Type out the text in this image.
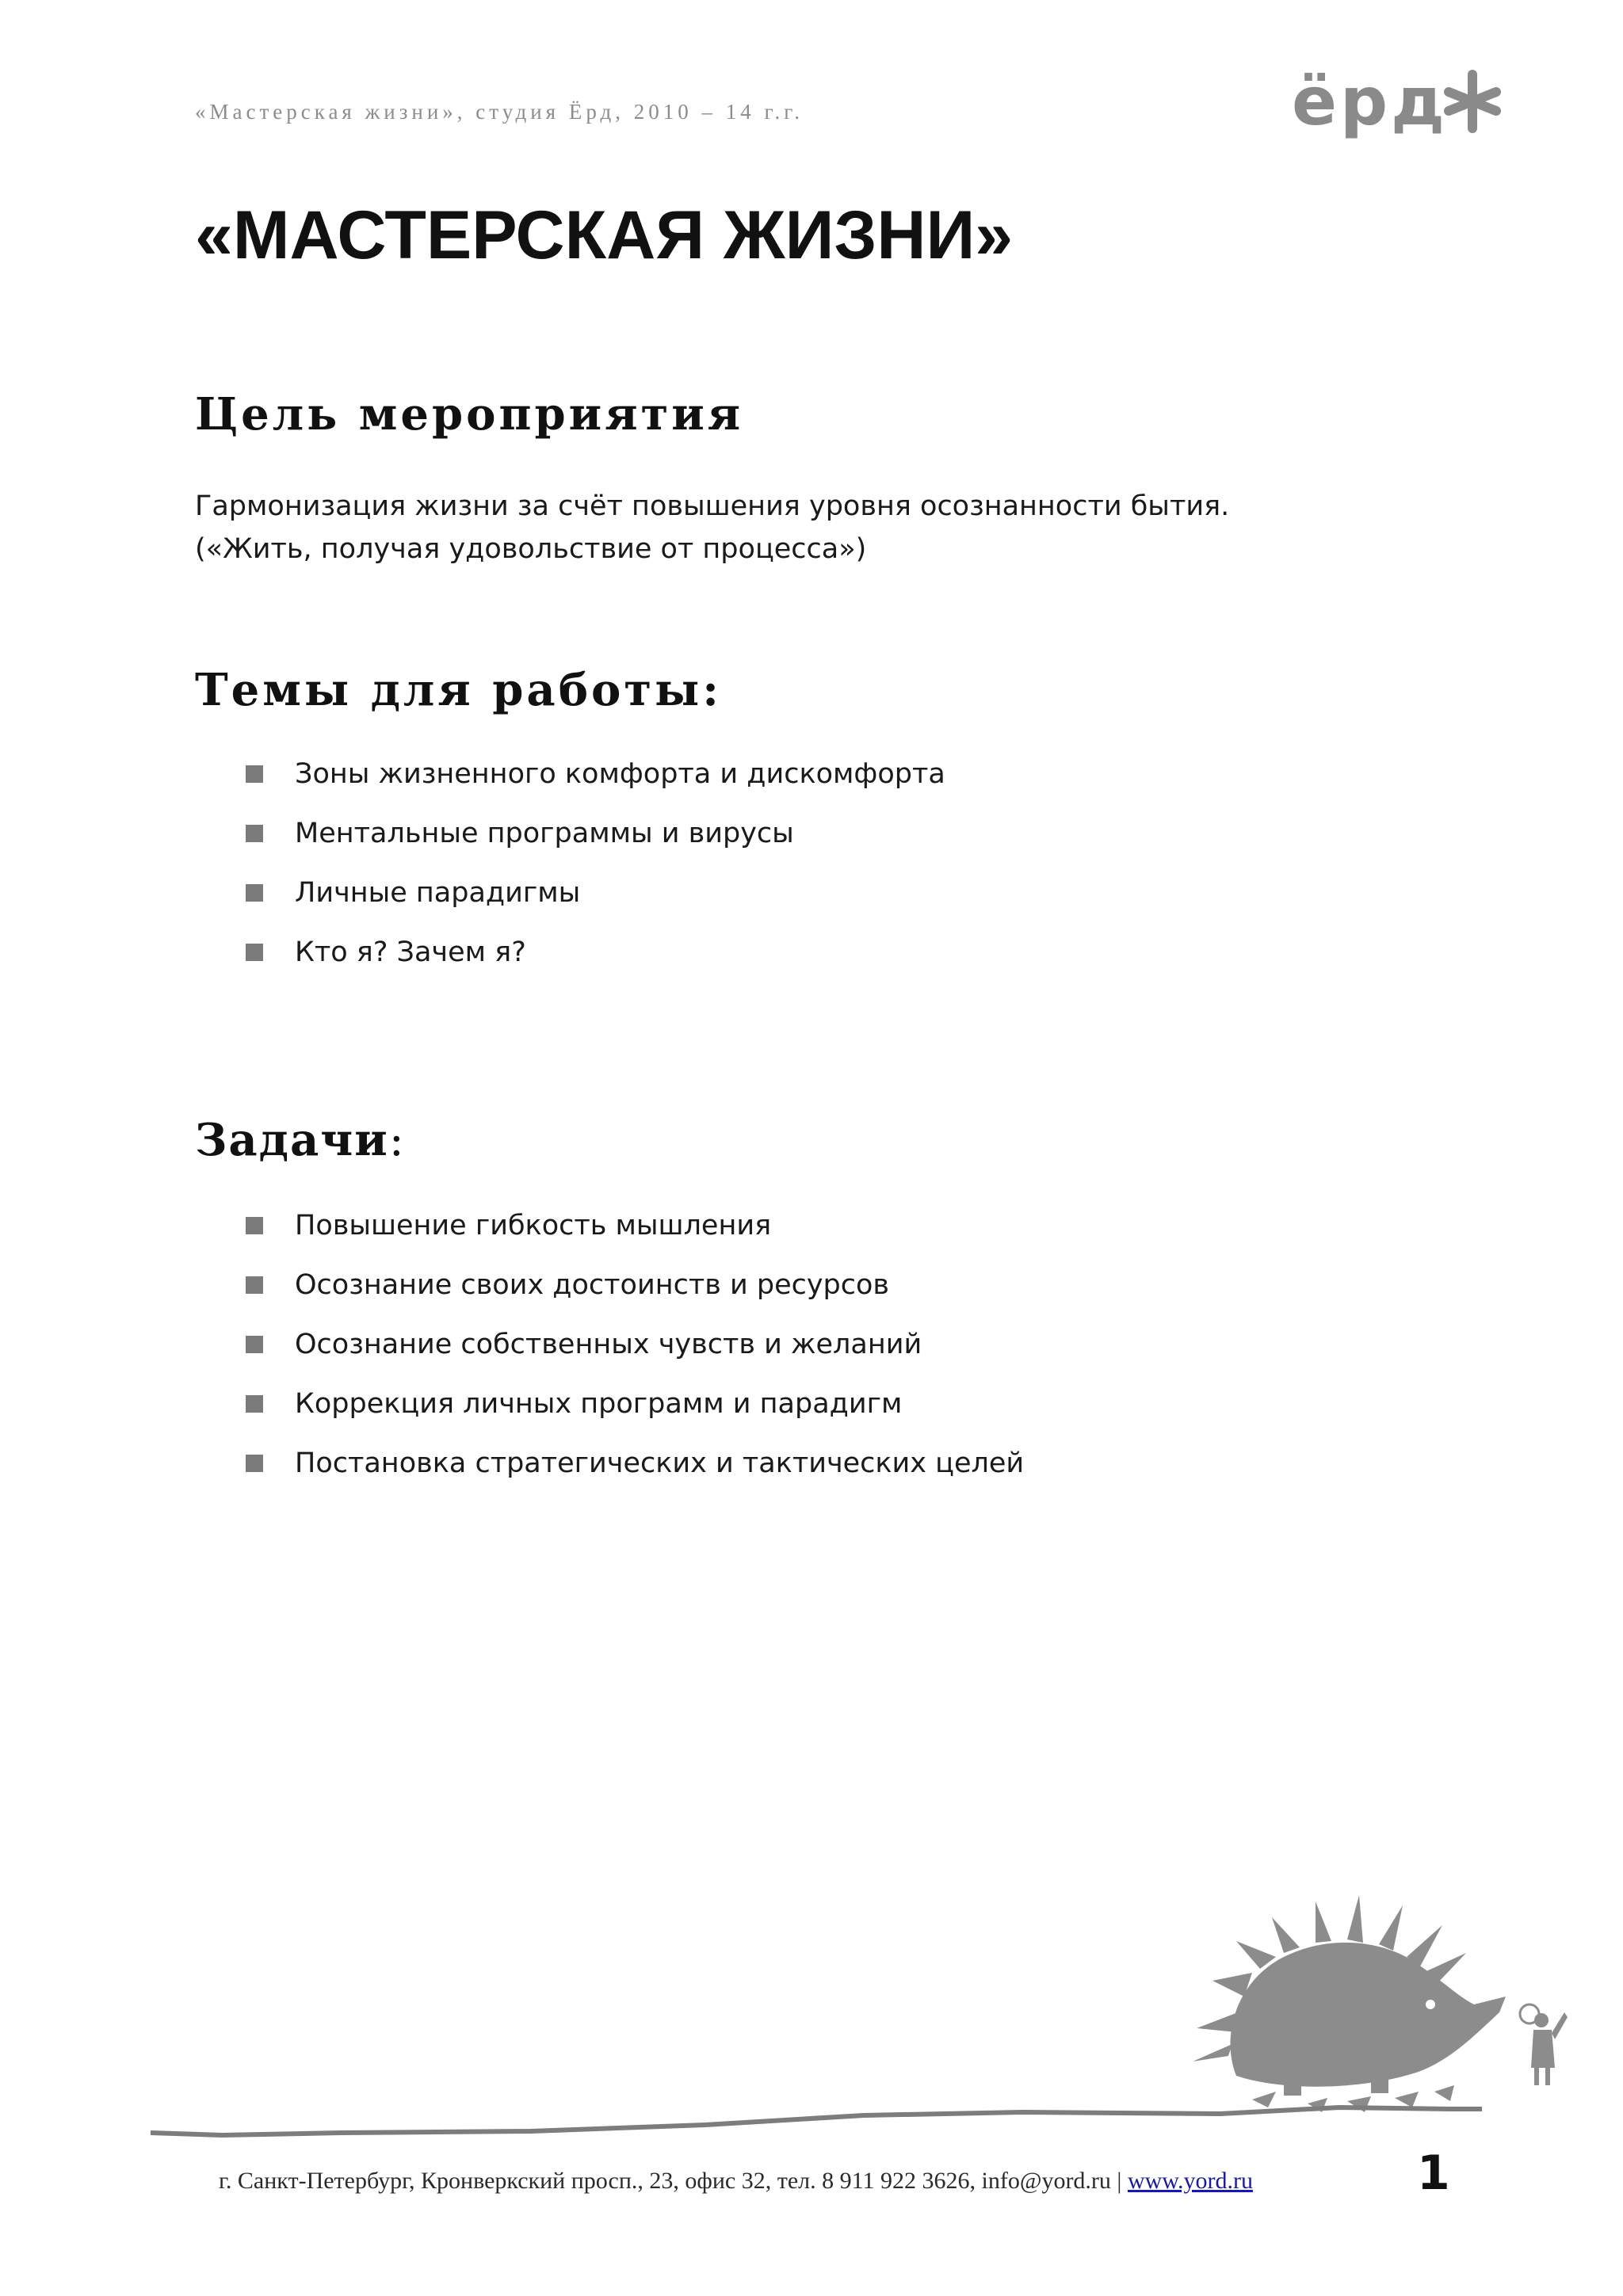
«Мастерская жизни», студия Ёрд, 2010 – 14 г.г.	ёрд
«МАСТЕРСКАЯ ЖИЗНИ»
Цель мероприятия

Гармонизация жизни за счёт повышения уровня осознанности бытия.

(«Жить, получая удовольствие от процесса»)

Темы для работы:
Зоны жизненного комфорта и дискомфорта
Ментальные программы и вирусы
Личные парадигмы
Кто я? Зачем я?
Задачи:
Повышение гибкость мышления
Осознание своих достоинств и ресурсов
Осознание собственных чувств и желаний
Коррекция личных программ и парадигм
Постановка стратегических и тактических целей
г. Санкт-Петербург, Кронверкский просп., 23, офис 32, тел. 8 911 922 3626, info@yord.ru | www.yord.ru	1
